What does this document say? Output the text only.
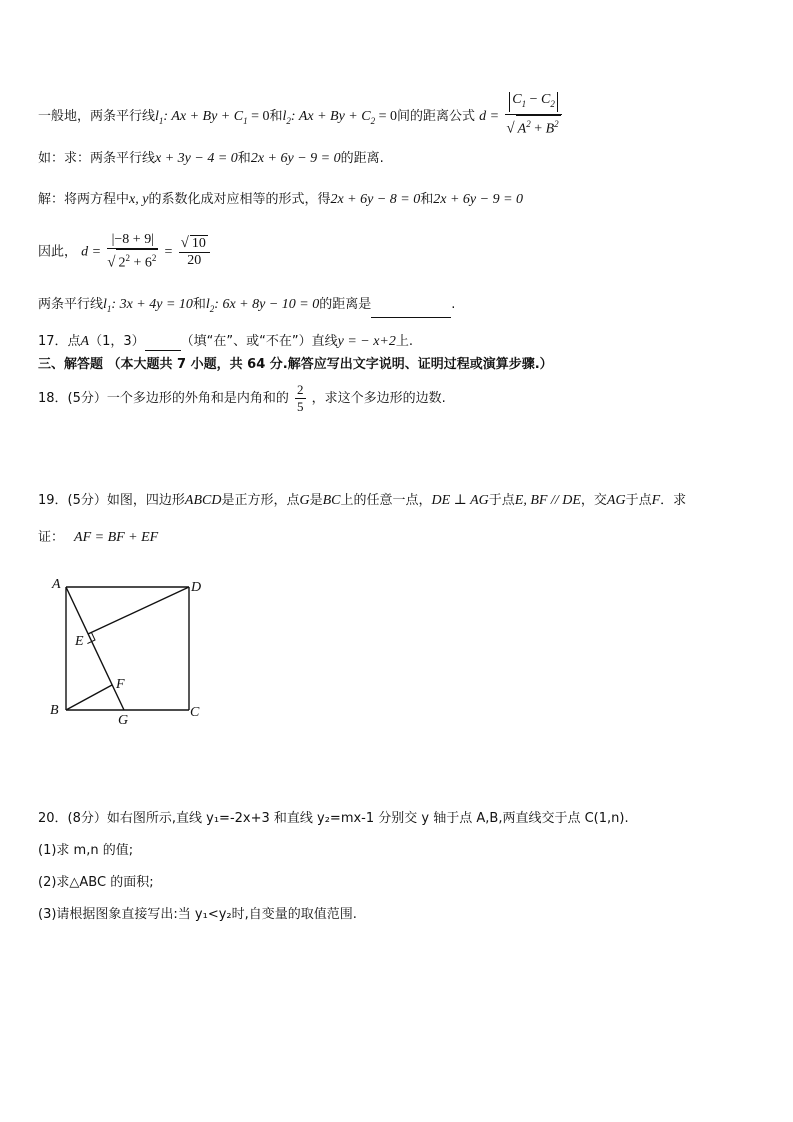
一般地，两条平行线$l_1$: $Ax + By + C_1 = 0$和$l_2$: $Ax + By + C_2 = 0$间的距离公式 $d = \frac{C_1 - C_2}{√ A^2 + B^2}$
如：求：两条平行线x + 3y − 4 = 0和2x + 6y − 9 = 0的距离.
解：将两方程中x, y的系数化成对应相等的形式，得2x + 6y − 8 = 0和2x + 6y − 9 = 0
因此， $d = \frac{|-8 + 9|}{√ 2^2 + 6^2} = \frac{√ 10}{20}$
两条平行线$l_1$: 3x + 4y = 10和$l_2$: 6x + 8y − 10 = 0的距离是	.
17．点A（1，3）	（填“在”、或“不在”）直线y = − x+2上.
三、解答题 （本大题共 7 小题，共 64 分.解答应写出文字说明、证明过程或演算步骤.）
18．(5分）一个多边形的外角和是内角和的 $\frac{2}{5}$ ，求这个多边形的边数.
19．(5分）如图，四边形ABCD是正方形，点G是BC上的任意一点，DE ⊥ AG于点E, BF // DE，交AG于点F．求
证： AF = BF + EF
A	D
E
F
B
G
C
20．(8分）如右图所示,直线 y₁=-2x+3 和直线 y₂=mx-1 分别交 y 轴于点 A,B,两直线交于点 C(1,n).
(1)求 m,n 的值;
(2)求△ABC 的面积;
(3)请根据图象直接写出:当 y₁<y₂时,自变量的取值范围.
